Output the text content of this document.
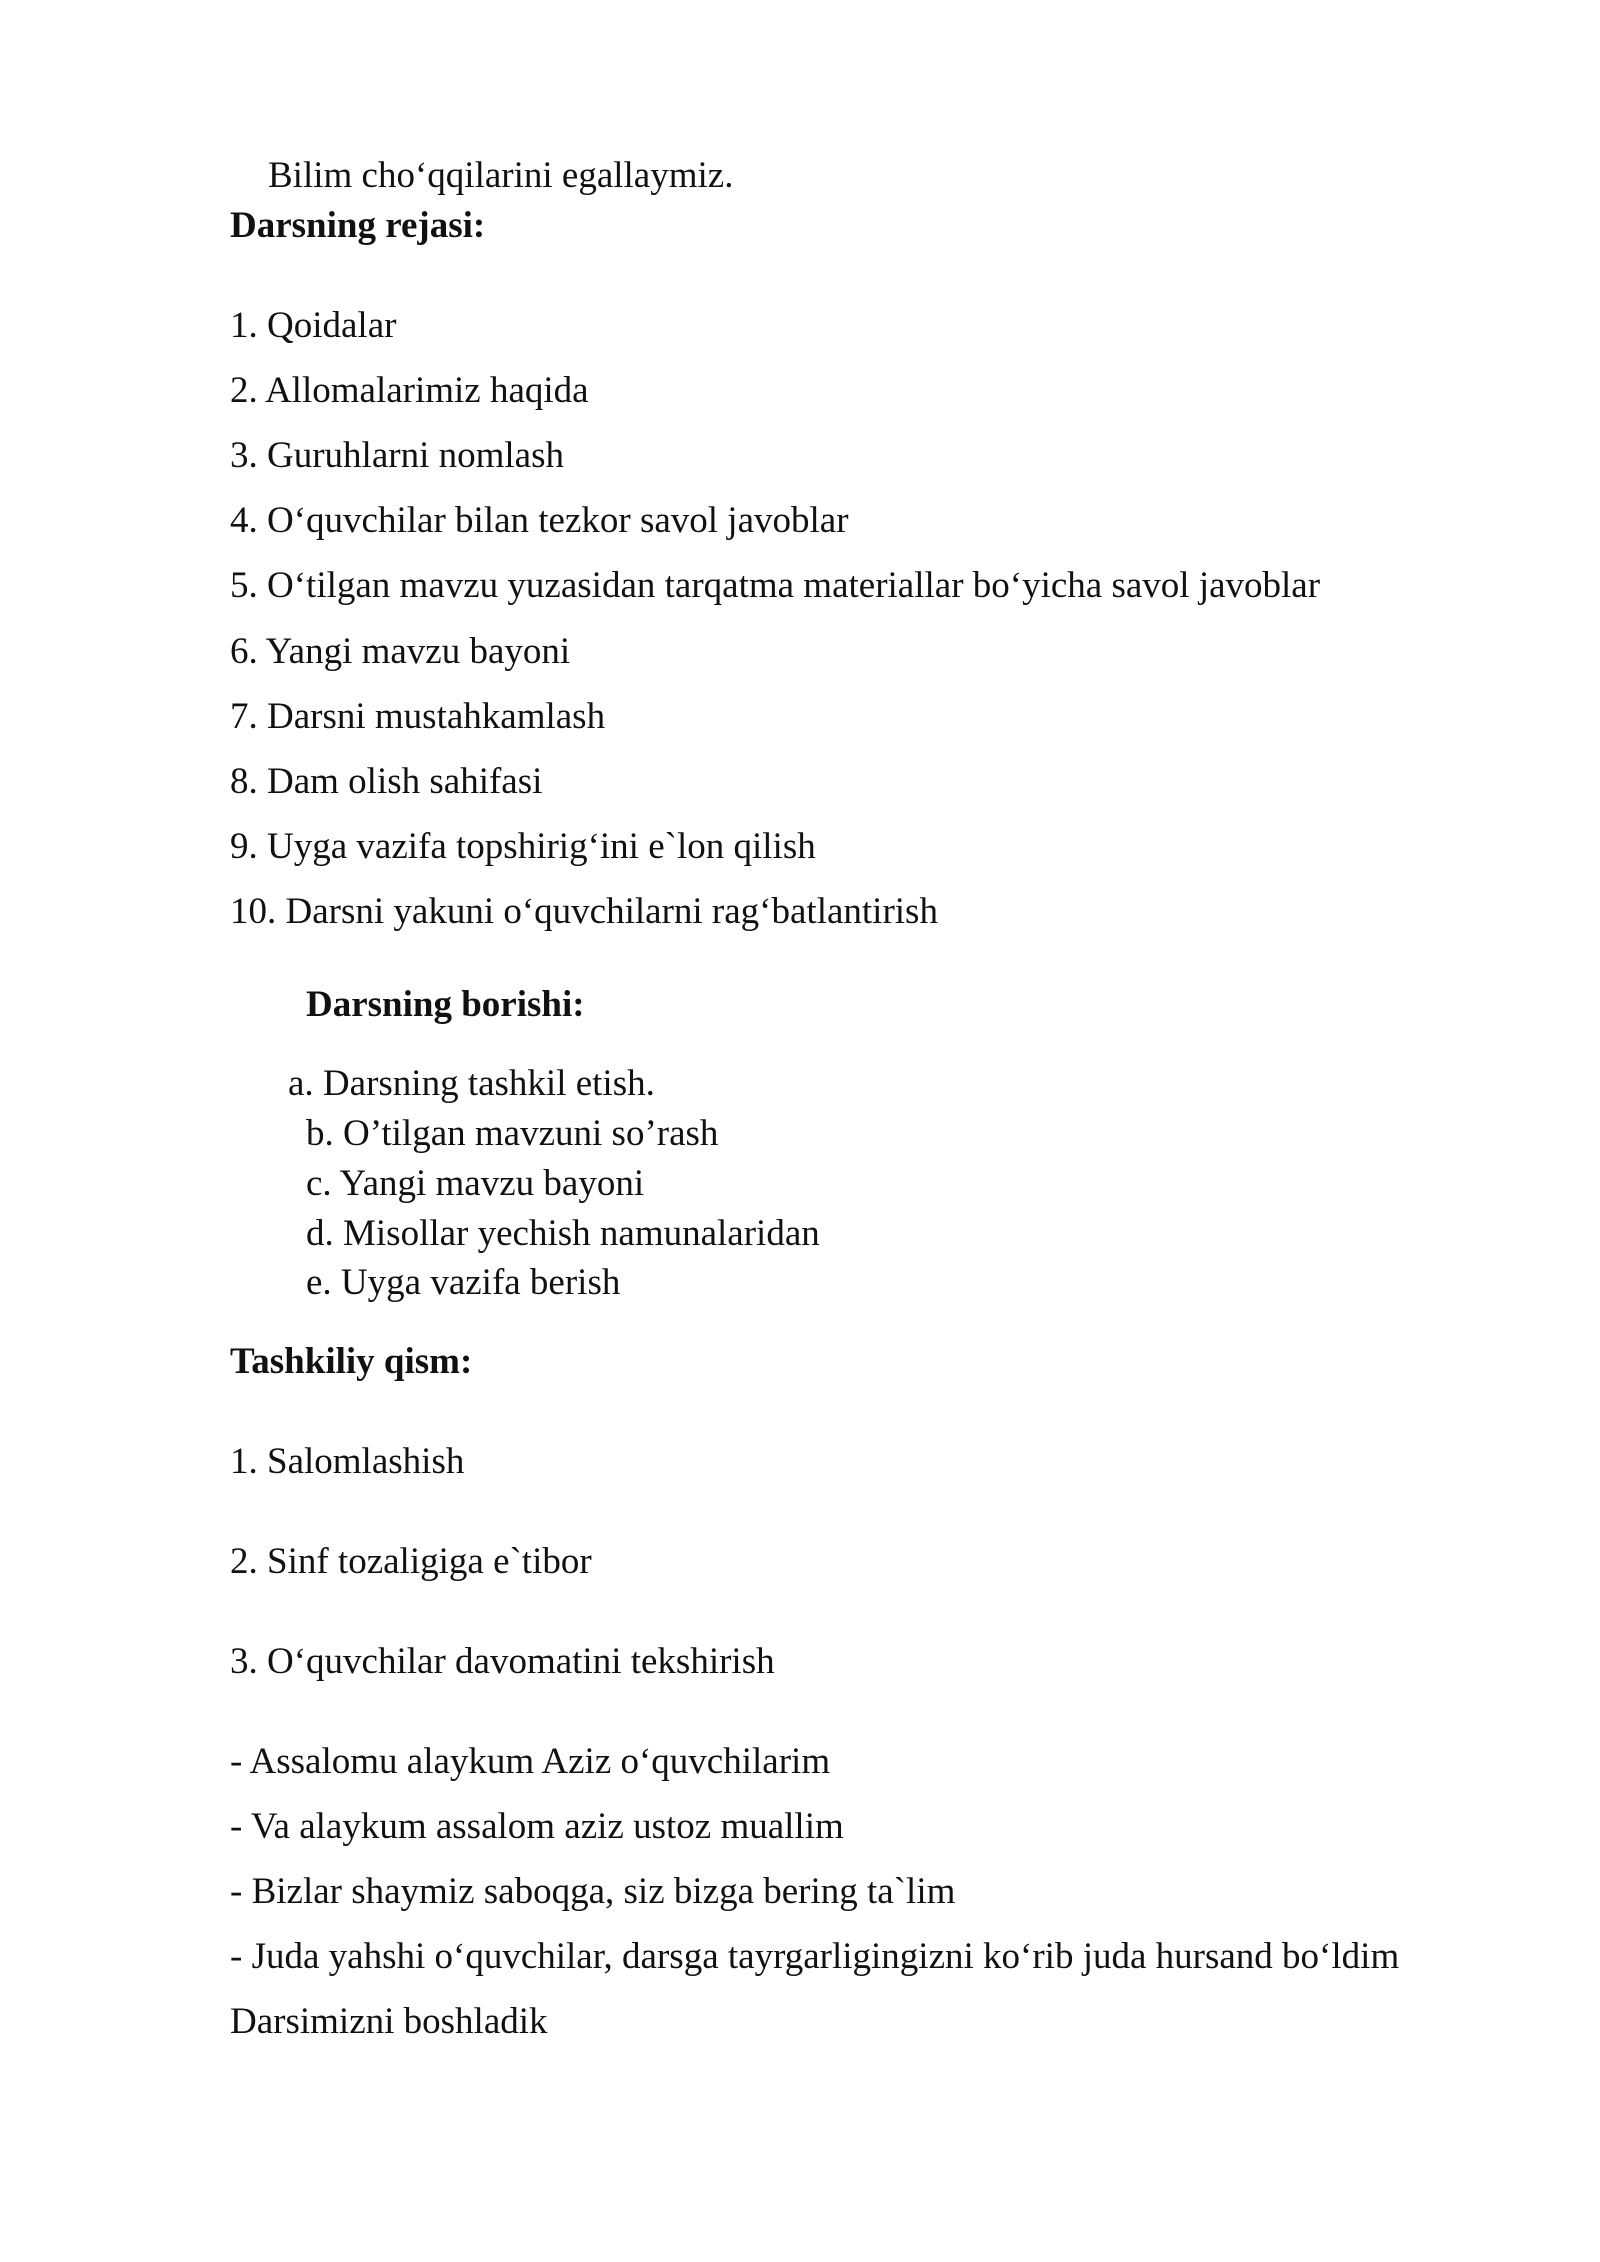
Bilim cho‘qqilarini egallaymiz.
Darsning rejasi:
1. Qoidalar
2. Allomalarimiz haqida
3. Guruhlarni nomlash
4. O‘quvchilar bilan tezkor savol javoblar
5. O‘tilgan mavzu yuzasidan tarqatma materiallar bo‘yicha savol javoblar
6. Yangi mavzu bayoni
7. Darsni mustahkamlash
8. Dam olish sahifasi
9. Uyga vazifa topshirig‘ini e`lon qilish
10. Darsni yakuni o‘quvchilarni rag‘batlantirish
Darsning borishi:
a. Darsning tashkil etish.
b. O’tilgan mavzuni so’rash
c. Yangi mavzu bayoni
d. Misollar yechish namunalaridan
e. Uyga vazifa berish
Tashkiliy qism:
1. Salomlashish
2. Sinf tozaligiga e`tibor
3. O‘quvchilar davomatini tekshirish
- Assalomu alaykum Aziz o‘quvchilarim
- Va alaykum assalom aziz ustoz muallim
- Bizlar shaymiz saboqga, siz bizga bering ta`lim
- Juda yahshi o‘quvchilar, darsga tayrgarligingizni ko‘rib juda hursand bo‘ldim
Darsimizni boshladik
